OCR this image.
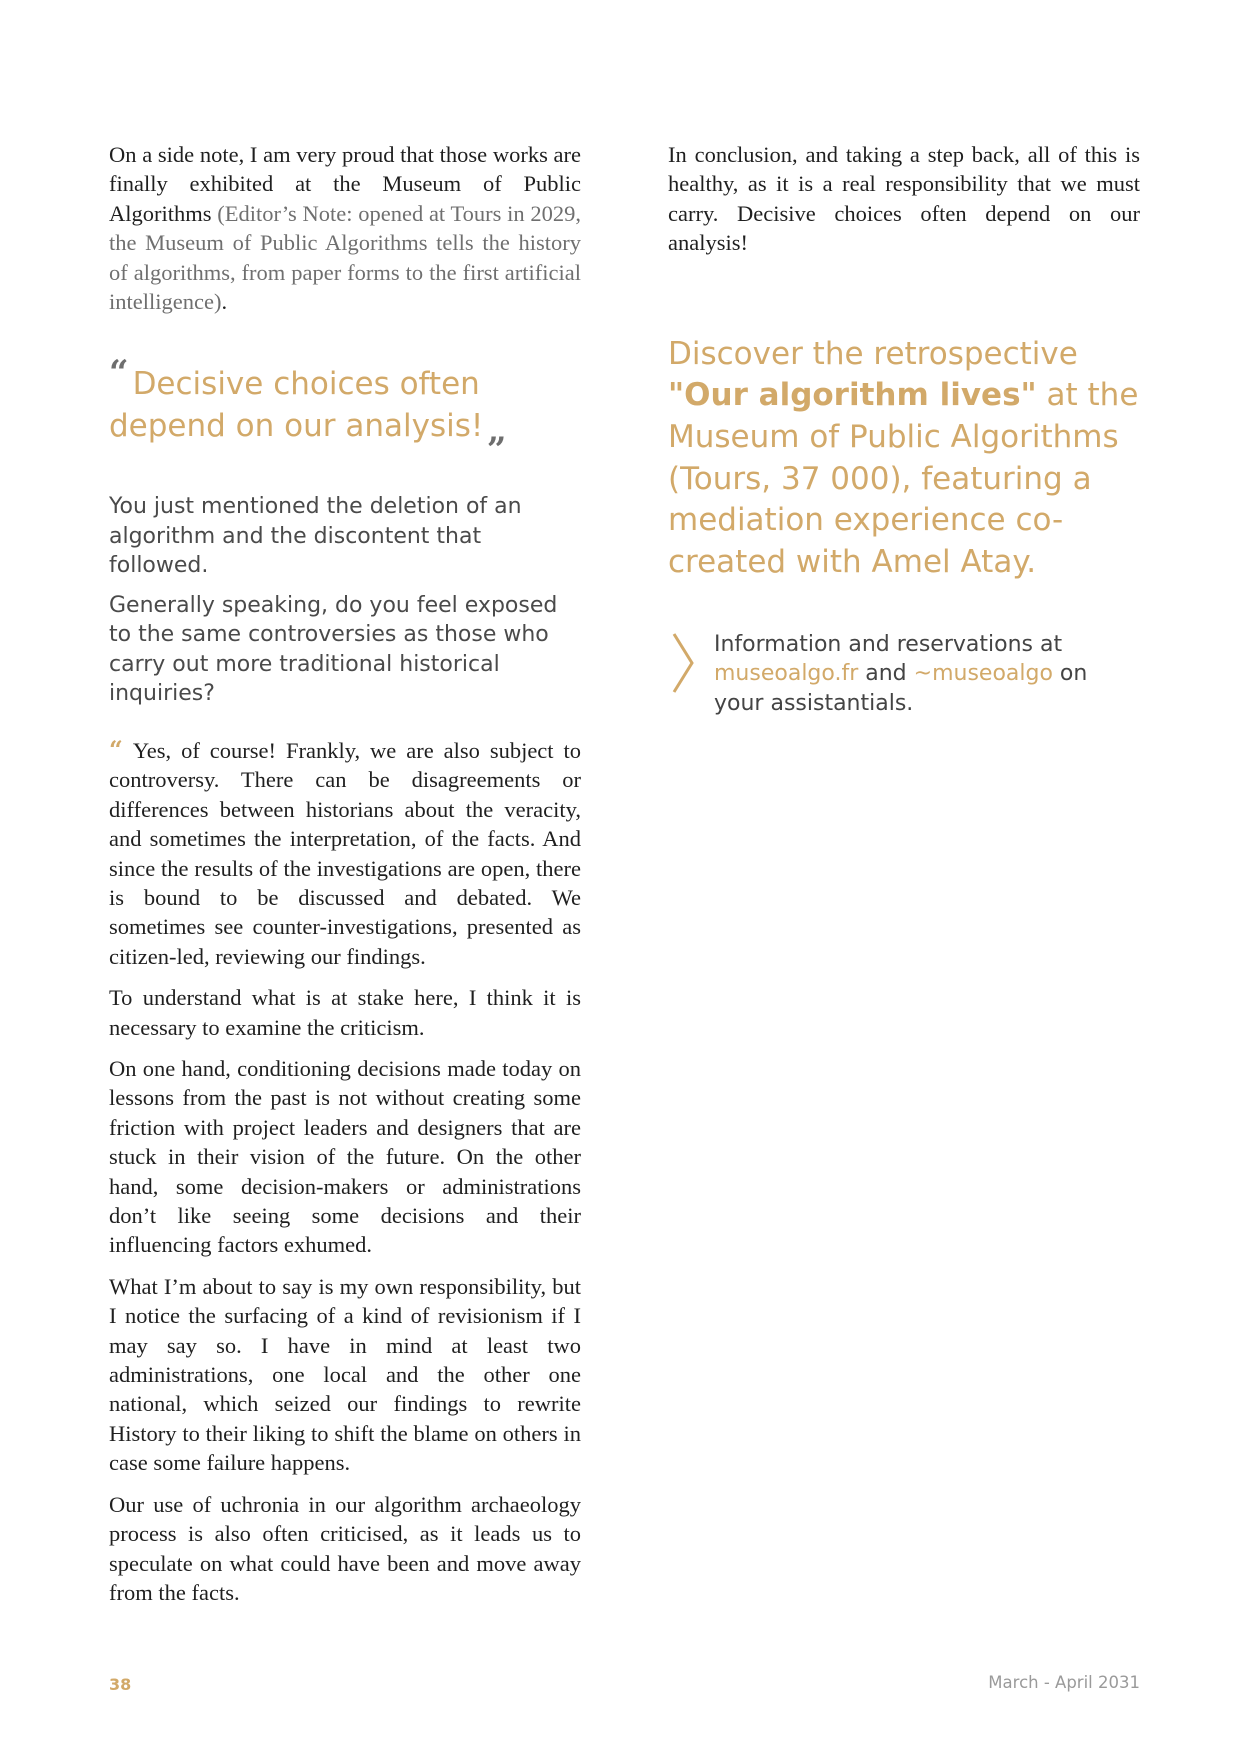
On a side note, I am very proud that those works are finally exhibited at the Museum of Public Algorithms (Editor’s Note: opened at Tours in 2029, the Museum of Public Algorithms tells the history of algorithms, from paper forms to the first artificial intelligence).

“ Decisive choices often depend on our analysis! „

You just mentioned the deletion of an algorithm and the discontent that followed.

Generally speaking, do you feel exposed to the same controversies as those who carry out more traditional historical inquiries?

“ Yes, of course! Frankly, we are also subject to controversy. There can be disagreements or differences between historians about the veracity, and sometimes the interpretation, of the facts. And since the results of the investigations are open, there is bound to be discussed and debated. We sometimes see counter-investigations, presented as citizen-led, reviewing our findings.

To understand what is at stake here, I think it is necessary to examine the criticism.

On one hand, conditioning decisions made today on lessons from the past is not without creating some friction with project leaders and designers that are stuck in their vision of the future. On the other hand, some decision-makers or administrations don’t like seeing some decisions and their influencing factors exhumed.

What I’m about to say is my own responsibility, but I notice the surfacing of a kind of revisionism if I may say so. I have in mind at least two administrations, one local and the other one national, which seized our findings to rewrite History to their liking to shift the blame on others in case some failure happens.

Our use of uchronia in our algorithm archaeology process is also often criticised, as it leads us to speculate on what could have been and move away from the facts.

In conclusion, and taking a step back, all of this is healthy, as it is a real responsibility that we must carry. Decisive choices often depend on our analysis!

Discover the retrospective "Our algorithm lives" at the Museum of Public Algorithms (Tours, 37 000), featuring a mediation experience co-created with Amel Atay.

Information and reservations at museoalgo.fr and ~museoalgo on your assistantials.

38	March - April 2031
